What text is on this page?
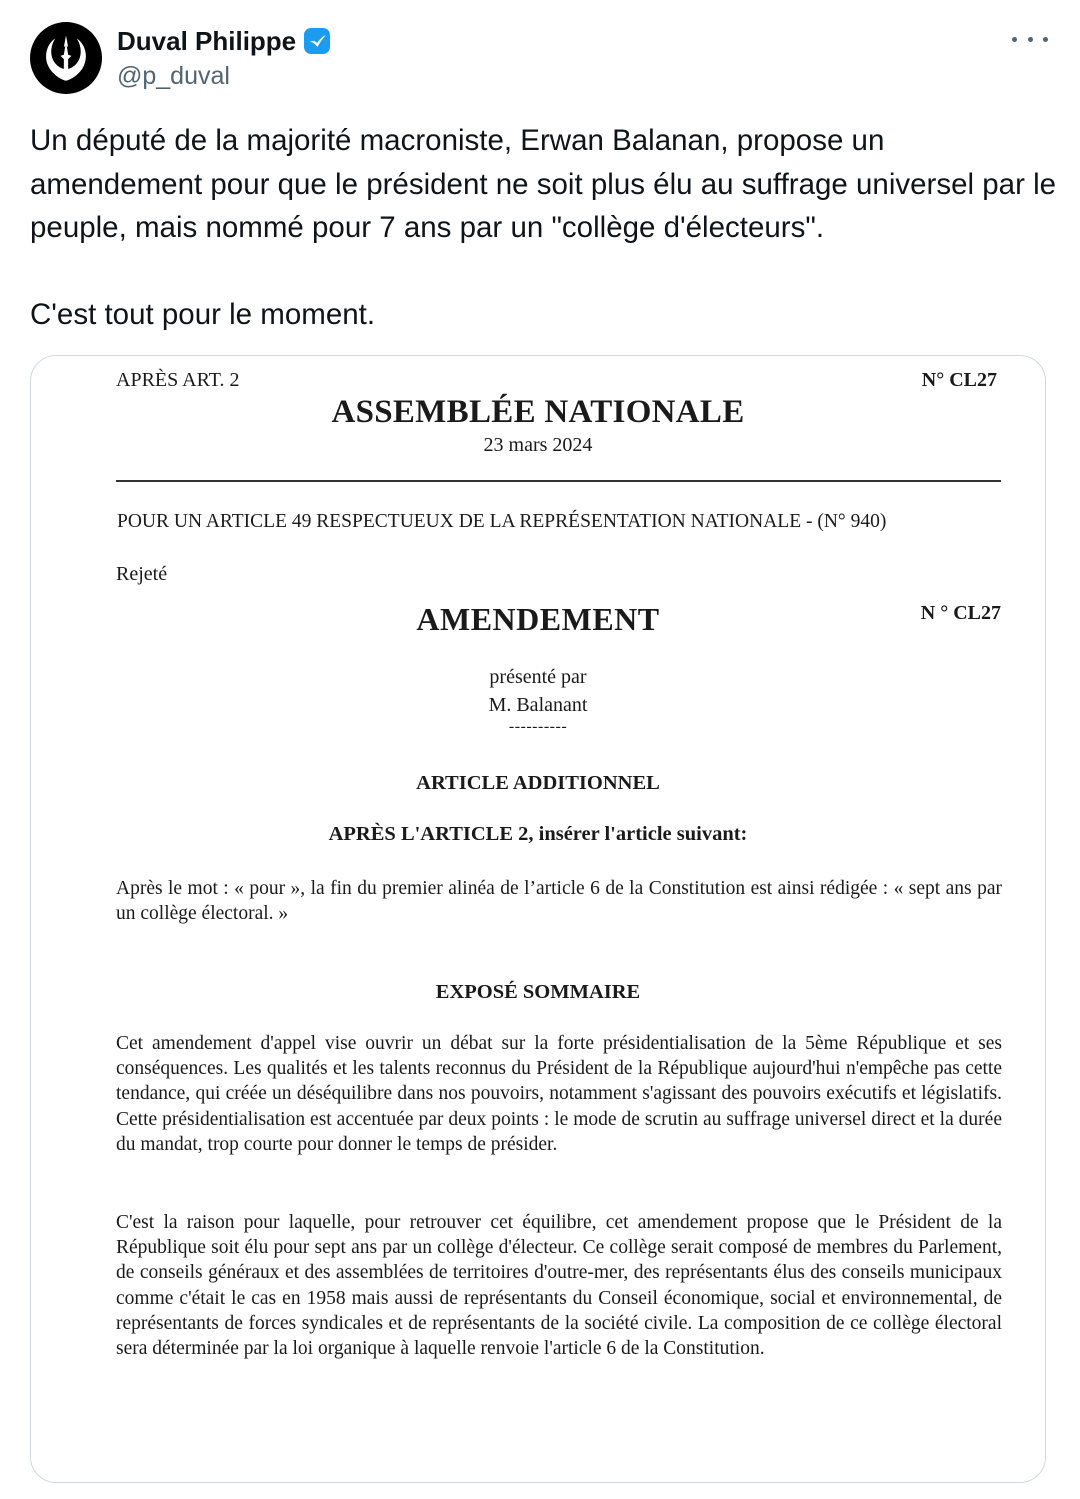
Duval Philippe
@p_duval

Un député de la majorité macroniste, Erwan Balanan, propose un amendement pour que le président ne soit plus élu au suffrage universel par le peuple, mais nommé pour 7 ans par un "collège d'électeurs".

C'est tout pour le moment.

APRÈS ART. 2	N° CL27
ASSEMBLÉE NATIONALE
23 mars 2024
POUR UN ARTICLE 49 RESPECTUEUX DE LA REPRÉSENTATION NATIONALE - (N° 940)
Rejeté
AMENDEMENT	N ° CL27
présenté par
M. Balanant
----------
ARTICLE ADDITIONNEL
APRÈS L'ARTICLE 2, insérer l'article suivant:
Après le mot : « pour », la fin du premier alinéa de l’article 6 de la Constitution est ainsi rédigée : « sept ans par un collège électoral. »
EXPOSÉ SOMMAIRE
Cet amendement d'appel vise ouvrir un débat sur la forte présidentialisation de la 5ème République et ses conséquences. Les qualités et les talents reconnus du Président de la République aujourd'hui n'empêche pas cette tendance, qui créée un déséquilibre dans nos pouvoirs, notamment s'agissant des pouvoirs exécutifs et législatifs. Cette présidentialisation est accentuée par deux points : le mode de scrutin au suffrage universel direct et la durée du mandat, trop courte pour donner le temps de présider.
C'est la raison pour laquelle, pour retrouver cet équilibre, cet amendement propose que le Président de la République soit élu pour sept ans par un collège d'électeur. Ce collège serait composé de membres du Parlement, de conseils généraux et des assemblées de territoires d'outre-mer, des représentants élus des conseils municipaux comme c'était le cas en 1958 mais aussi de représentants du Conseil économique, social et environnemental, de représentants de forces syndicales et de représentants de la société civile. La composition de ce collège électoral sera déterminée par la loi organique à laquelle renvoie l'article 6 de la Constitution.
